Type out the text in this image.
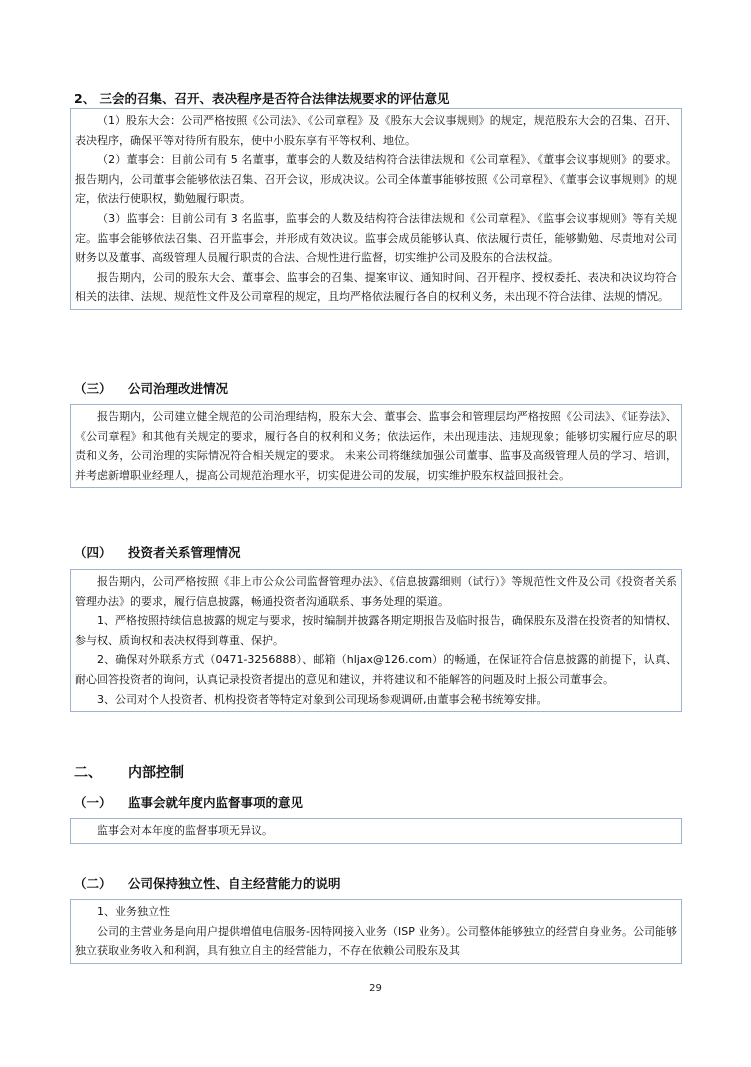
2、 三会的召集、召开、表决程序是否符合法律法规要求的评估意见

（1）股东大会：公司严格按照《公司法》、《公司章程》及《股东大会议事规则》的规定，规范股东大会的召集、召开、表决程序，确保平等对待所有股东，使中小股东享有平等权利、地位。

（2）董事会：目前公司有 5 名董事，董事会的人数及结构符合法律法规和《公司章程》、《董事会议事规则》的要求。报告期内，公司董事会能够依法召集、召开会议，形成决议。公司全体董事能够按照《公司章程》、《董事会议事规则》的规定，依法行使职权，勤勉履行职责。

（3）监事会：目前公司有 3 名监事，监事会的人数及结构符合法律法规和《公司章程》、《监事会议事规则》等有关规定。监事会能够依法召集、召开监事会，并形成有效决议。监事会成员能够认真、依法履行责任，能够勤勉、尽责地对公司财务以及董事、高级管理人员履行职责的合法、合规性进行监督，切实维护公司及股东的合法权益。

报告期内，公司的股东大会、董事会、监事会的召集、提案审议、通知时间、召开程序、授权委托、表决和决议均符合相关的法律、法规、规范性文件及公司章程的规定，且均严格依法履行各自的权利义务，未出现不符合法律、法规的情况。

（三） 公司治理改进情况

报告期内，公司建立健全规范的公司治理结构，股东大会、董事会、监事会和管理层均严格按照《公司法》、《证券法》、《公司章程》和其他有关规定的要求，履行各自的权利和义务；依法运作，未出现违法、违规现象；能够切实履行应尽的职责和义务，公司治理的实际情况符合相关规定的要求。 未来公司将继续加强公司董事、监事及高级管理人员的学习、培训，并考虑新增职业经理人，提高公司规范治理水平，切实促进公司的发展，切实维护股东权益回报社会。

（四） 投资者关系管理情况

报告期内，公司严格按照《非上市公众公司监督管理办法》、《信息披露细则（试行）》等规范性文件及公司《投资者关系管理办法》的要求，履行信息披露，畅通投资者沟通联系、事务处理的渠道。

1、严格按照持续信息披露的规定与要求，按时编制并披露各期定期报告及临时报告，确保股东及潜在投资者的知情权、参与权、质询权和表决权得到尊重、保护。

2、确保对外联系方式（0471-3256888）、邮箱（hljax@126.com）的畅通，在保证符合信息披露的前提下，认真、耐心回答投资者的询问，认真记录投资者提出的意见和建议，并将建议和不能解答的问题及时上报公司董事会。

3、公司对个人投资者、机构投资者等特定对象到公司现场参观调研,由董事会秘书统筹安排。

二、 内部控制
（一） 监事会就年度内监督事项的意见

监事会对本年度的监督事项无异议。

（二） 公司保持独立性、自主经营能力的说明

1、业务独立性

公司的主营业务是向用户提供增值电信服务-因特网接入业务（ISP 业务）。公司整体能够独立的经营自身业务。公司能够独立获取业务收入和利润，具有独立自主的经营能力，不存在依赖公司股东及其

29
